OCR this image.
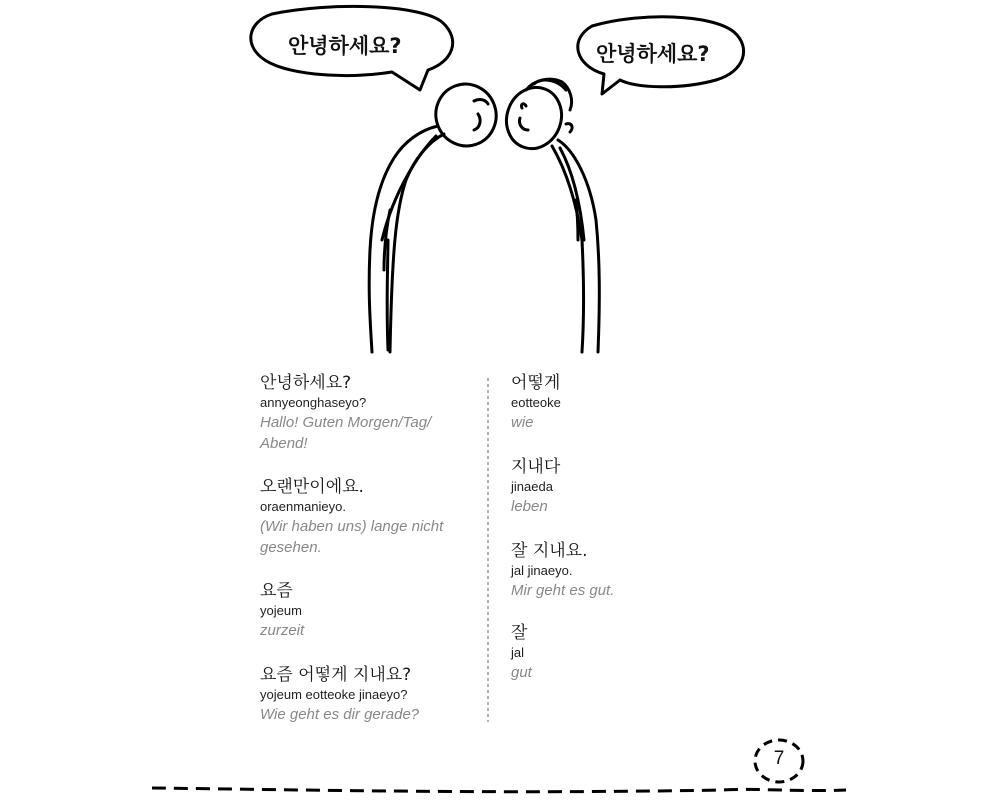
안녕하세요?	안녕하세요?
안녕하세요?
annyeonghaseyo?
Hallo! Guten Morgen/Tag/ Abend!
오랜만이에요.
oraenmanieyo.
(Wir haben uns) lange nicht gesehen.
요즘
yojeum
zurzeit
요즘 어떻게 지내요?
yojeum eotteoke jinaeyo?
Wie geht es dir gerade?
어떻게
eotteoke
wie
지내다
jinaeda
leben
잘 지내요.
jal jinaeyo.
Mir geht es gut.
잘
jal
gut
7
